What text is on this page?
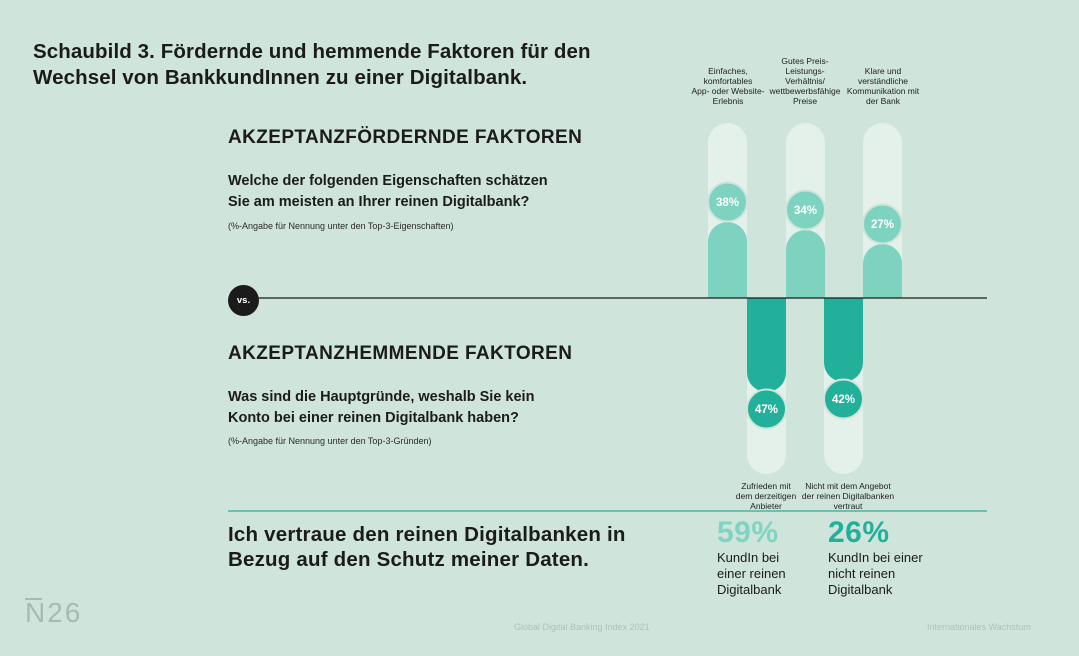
Schaubild 3. Fördernde und hemmende Faktoren für den Wechsel von BankkundInnen zu einer Digitalbank.
AKZEPTANZFÖRDERNDE FAKTOREN
Welche der folgenden Eigenschaften schätzen Sie am meisten an Ihrer reinen Digitalbank?
(%-Angabe für Nennung unter den Top-3-Eigenschaften)
vs.
AKZEPTANZHEMMENDE FAKTOREN
Was sind die Hauptgründe, weshalb Sie kein Konto bei einer reinen Digitalbank haben?
(%-Angabe für Nennung unter den Top-3-Gründen)
Einfaches,
komfortables
App- oder Website-
Erlebnis
Gutes Preis-
Leistungs-
Verhältnis/
wettbewerbsfähige
Preise
Klare und
verständliche
Kommunikation mit
der Bank
Zufrieden mit
dem derzeitigen
Anbieter
Nicht mit dem Angebot
der reinen Digitalbanken
vertraut
38%
34%
27%
47%
42%
Ich vertraue den reinen Digitalbanken in Bezug auf den Schutz meiner Daten.
59%
KundIn bei einer reinen Digitalbank
26%
KundIn bei einer nicht reinen Digitalbank
N26	Global Digital Banking Index 2021	Internationales Wachstum
